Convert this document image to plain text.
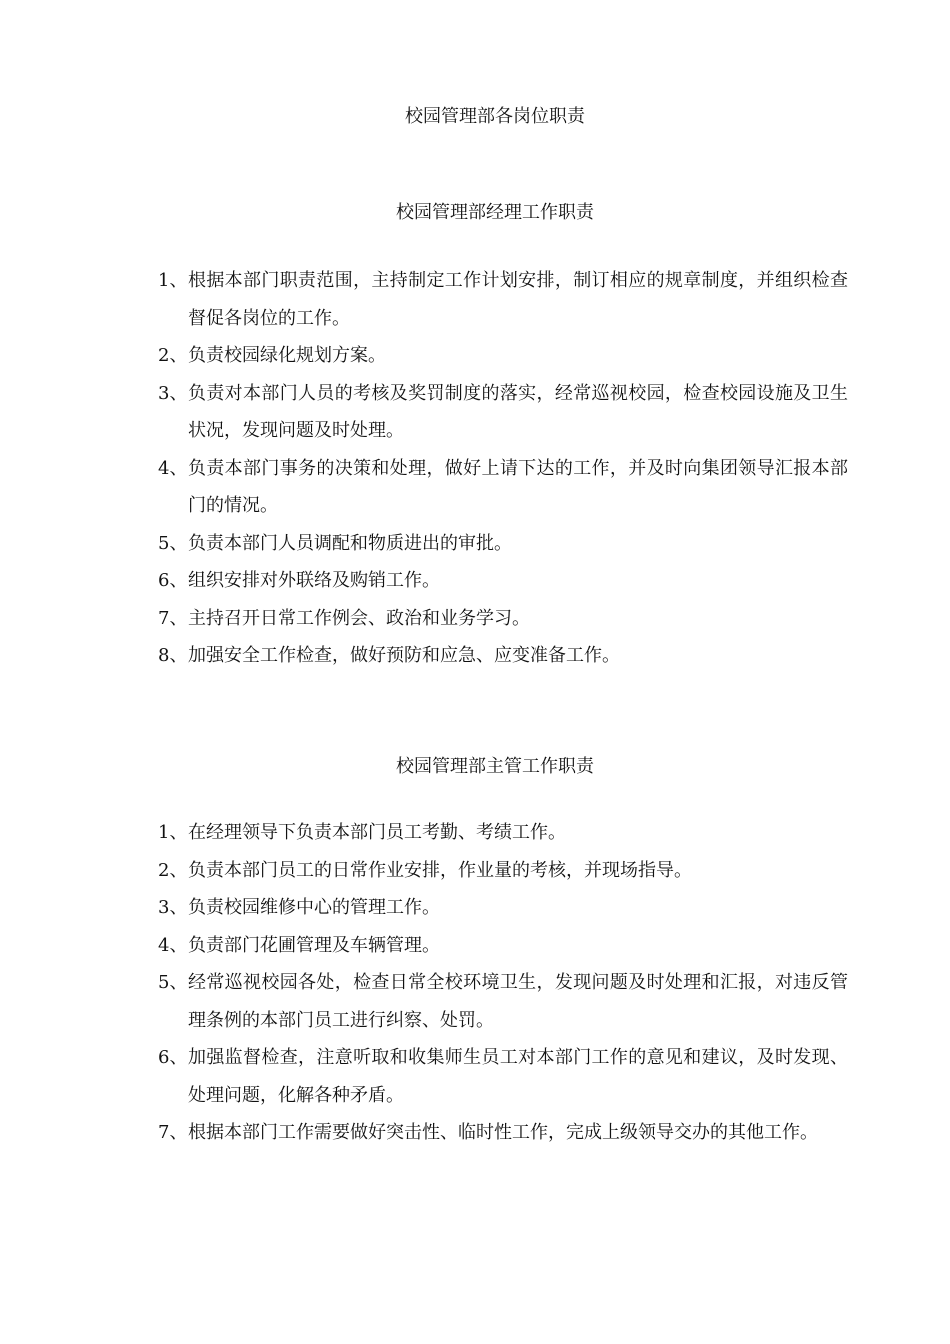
校园管理部各岗位职责
校园管理部经理工作职责
1、 根据本部门职责范围，主持制定工作计划安排，制订相应的规章制度，并组织检查督促各岗位的工作。
2、 负责校园绿化规划方案。
3、 负责对本部门人员的考核及奖罚制度的落实，经常巡视校园，检查校园设施及卫生状况，发现问题及时处理。
4、 负责本部门事务的决策和处理，做好上请下达的工作，并及时向集团领导汇报本部门的情况。
5、 负责本部门人员调配和物质进出的审批。
6、 组织安排对外联络及购销工作。
7、 主持召开日常工作例会、政治和业务学习。
8、 加强安全工作检查，做好预防和应急、应变准备工作。
校园管理部主管工作职责
1、 在经理领导下负责本部门员工考勤、考绩工作。
2、 负责本部门员工的日常作业安排，作业量的考核，并现场指导。
3、 负责校园维修中心的管理工作。
4、 负责部门花圃管理及车辆管理。
5、 经常巡视校园各处，检查日常全校环境卫生，发现问题及时处理和汇报，对违反管理条例的本部门员工进行纠察、处罚。
6、 加强监督检查，注意听取和收集师生员工对本部门工作的意见和建议，及时发现、处理问题，化解各种矛盾。
7、 根据本部门工作需要做好突击性、临时性工作，完成上级领导交办的其他工作。
